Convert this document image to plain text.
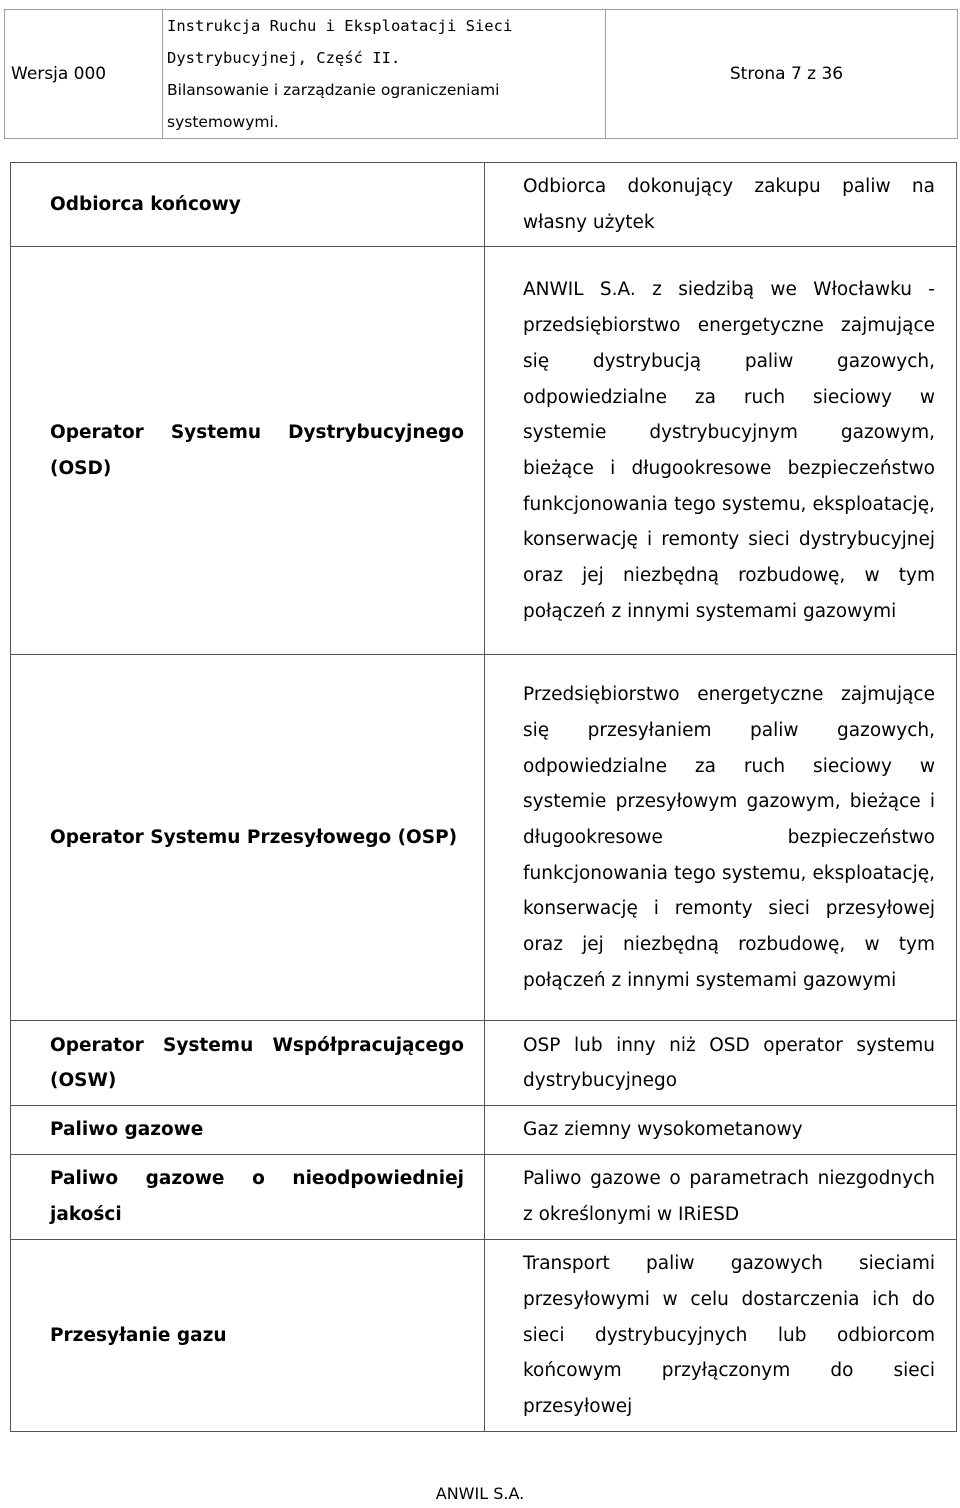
Wersja 000
Instrukcja Ruchu i Eksploatacji Sieci Dystrybucyjnej, Część II.
Bilansowanie i zarządzanie ograniczeniami systemowymi.
Strona 7 z 36
Odbiorca końcowy	Odbiorca dokonujący zakupu paliw na własny użytek
Operator Systemu Dystrybucyjnego (OSD)	ANWIL S.A. z siedzibą we Włocławku - przedsiębiorstwo energetyczne zajmujące się dystrybucją paliw gazowych, odpowiedzialne za ruch sieciowy w systemie dystrybucyjnym gazowym, bieżące i długookresowe bezpieczeństwo funkcjonowania tego systemu, eksploatację, konserwację i remonty sieci dystrybucyjnej oraz jej niezbędną rozbudowę, w tym połączeń z innymi systemami gazowymi
Operator Systemu Przesyłowego (OSP)	Przedsiębiorstwo energetyczne zajmujące się przesyłaniem paliw gazowych, odpowiedzialne za ruch sieciowy w systemie przesyłowym gazowym, bieżące i długookresowe bezpieczeństwo funkcjonowania tego systemu, eksploatację, konserwację i remonty sieci przesyłowej oraz jej niezbędną rozbudowę, w tym połączeń z innymi systemami gazowymi
Operator Systemu Współpracującego (OSW)	OSP lub inny niż OSD operator systemu dystrybucyjnego
Paliwo gazowe	Gaz ziemny wysokometanowy
Paliwo gazowe o nieodpowiedniej jakości	Paliwo gazowe o parametrach niezgodnych z określonymi w IRiESD
Przesyłanie gazu	Transport paliw gazowych sieciami przesyłowymi w celu dostarczenia ich do sieci dystrybucyjnych lub odbiorcom końcowym przyłączonym do sieci przesyłowej
ANWIL S.A.
